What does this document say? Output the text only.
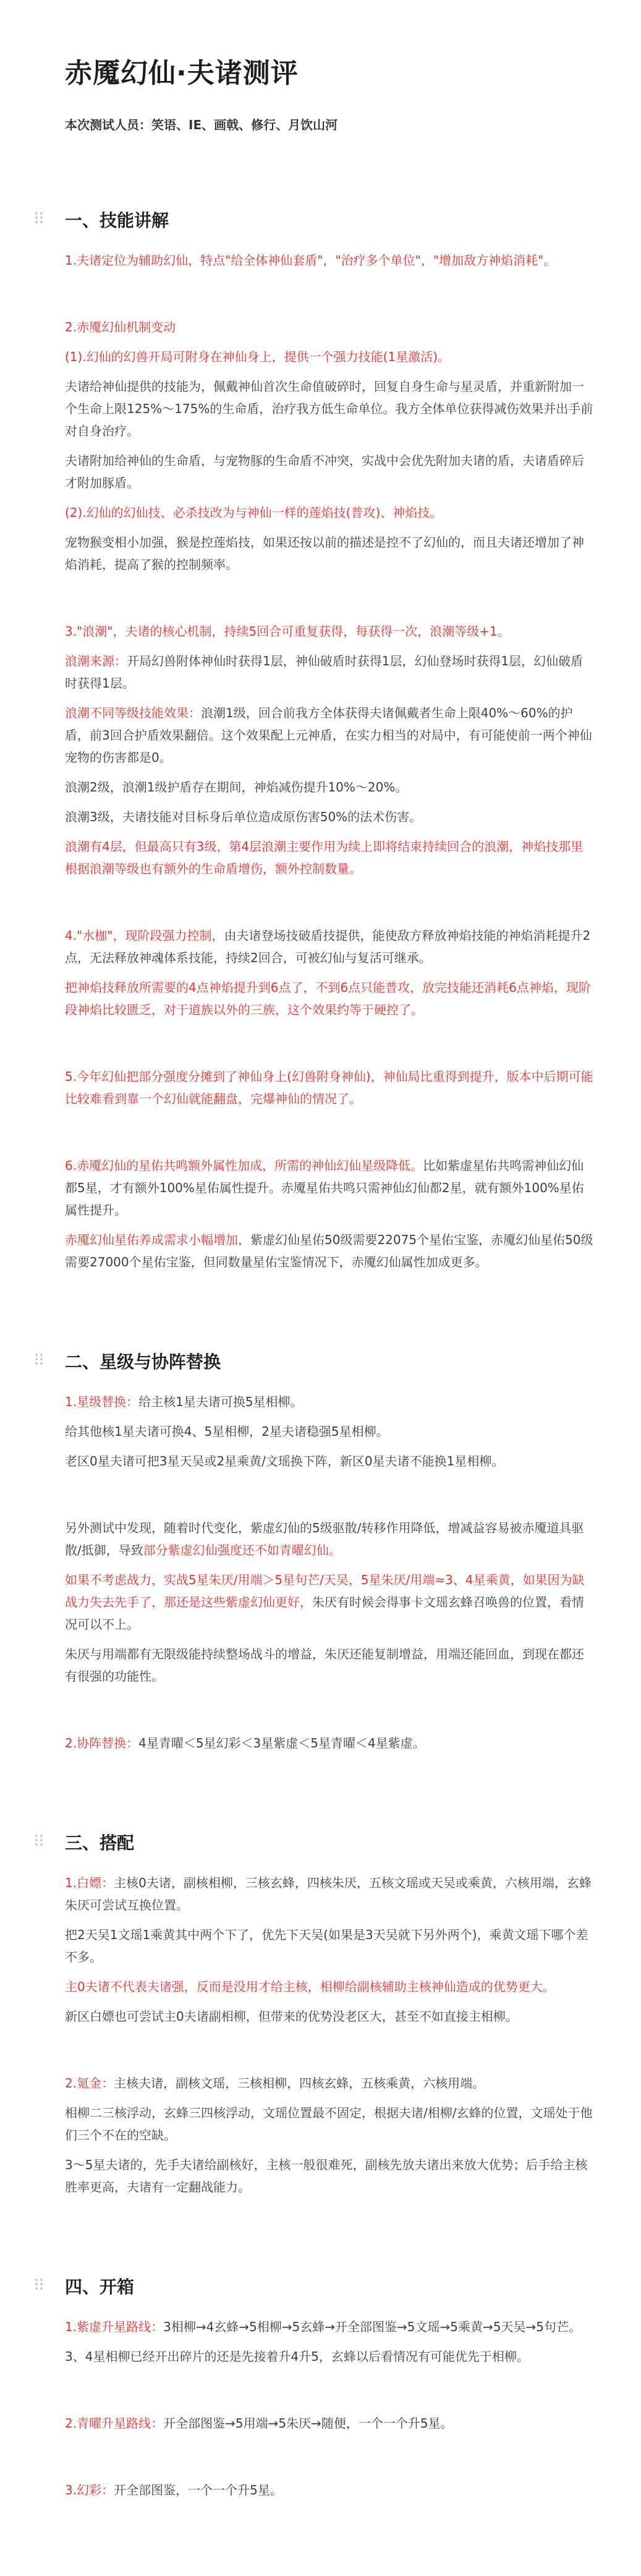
赤魇幻仙·夫诸测评
本次测试人员：笑语、IE、画戟、修行、月饮山河
一、技能讲解

1.夫诸定位为辅助幻仙，特点"给全体神仙套盾"，"治疗多个单位"，"增加敌方神焰消耗"。

2.赤魇幻仙机制变动

(1).幻仙的幻兽开局可附身在神仙身上，提供一个强力技能(1星激活)。

夫诸给神仙提供的技能为，佩戴神仙首次生命值破碎时，回复自身生命与星灵盾，并重新附加一个生命上限125%～175%的生命盾，治疗我方低生命单位。我方全体单位获得减伤效果并出手前对自身治疗。

夫诸附加给神仙的生命盾，与宠物豚的生命盾不冲突，实战中会优先附加夫诸的盾，夫诸盾碎后才附加豚盾。

(2).幻仙的幻仙技、必杀技改为与神仙一样的莲焰技(普攻)、神焰技。

宠物猴变相小加强，猴是控莲焰技，如果还按以前的描述是控不了幻仙的，而且夫诸还增加了神焰消耗，提高了猴的控制频率。

3."浪潮"，夫诸的核心机制，持续5回合可重复获得，每获得一次，浪潮等级+1。

浪潮来源：开局幻兽附体神仙时获得1层，神仙破盾时获得1层，幻仙登场时获得1层，幻仙破盾时获得1层。

浪潮不同等级技能效果：浪潮1级，回合前我方全体获得夫诸佩戴者生命上限40%～60%的护盾，前3回合护盾效果翻倍。这个效果配上元神盾，在实力相当的对局中，有可能使前一两个神仙宠物的伤害都是0。

浪潮2级，浪潮1级护盾存在期间，神焰减伤提升10%～20%。

浪潮3级，夫诸技能对目标身后单位造成原伤害50%的法术伤害。

浪潮有4层，但最高只有3级，第4层浪潮主要作用为续上即将结束持续回合的浪潮，神焰技那里根据浪潮等级也有额外的生命盾增伤，额外控制数量。

4."水枷"，现阶段强力控制，由夫诸登场技破盾技提供，能使敌方释放神焰技能的神焰消耗提升2点，无法释放神魂体系技能，持续2回合，可被幻仙与复活可继承。

把神焰技释放所需要的4点神焰提升到6点了，不到6点只能普攻，放完技能还消耗6点神焰，现阶段神焰比较匮乏，对于道族以外的三族，这个效果约等于硬控了。

5.今年幻仙把部分强度分摊到了神仙身上(幻兽附身神仙)，神仙局比重得到提升，版本中后期可能比较难看到靠一个幻仙就能翻盘，完爆神仙的情况了。

6.赤魇幻仙的星佑共鸣额外属性加成，所需的神仙幻仙星级降低。比如紫虚星佑共鸣需神仙幻仙都5星，才有额外100%星佑属性提升。赤魇星佑共鸣只需神仙幻仙都2星，就有额外100%星佑属性提升。

赤魇幻仙星佑养成需求小幅增加，紫虚幻仙星佑50级需要22075个星佑宝鉴，赤魇幻仙星佑50级需要27000个星佑宝鉴，但同数量星佑宝鉴情况下，赤魇幻仙属性加成更多。

二、星级与协阵替换

1.星级替换：给主核1星夫诸可换5星相柳。

给其他核1星夫诸可换4、5星相柳，2星夫诸稳强5星相柳。

老区0星夫诸可把3星天吴或2星乘黄/文瑶换下阵，新区0星夫诸不能换1星相柳。

另外测试中发现，随着时代变化，紫虚幻仙的5级驱散/转移作用降低，增减益容易被赤魇道具驱散/抵御，导致部分紫虚幻仙强度还不如青曜幻仙。

如果不考虑战力，实战5星朱厌/用端＞5星句芒/天吴，5星朱厌/用端≈3、4星乘黄，如果因为缺战力失去先手了，那还是这些紫虚幻仙更好，朱厌有时候会得事卡文瑶玄蜂召唤兽的位置，看情况可以不上。

朱厌与用端都有无限级能持续整场战斗的增益，朱厌还能复制增益，用端还能回血，到现在都还有很强的功能性。

2.协阵替换：4星青曜＜5星幻彩＜3星紫虚＜5星青曜＜4星紫虚。

三、搭配

1.白嫖：主核0夫诸，副核相柳，三核玄蜂，四核朱厌，五核文瑶或天吴或乘黄，六核用端，玄蜂朱厌可尝试互换位置。

把2天吴1文瑶1乘黄其中两个下了，优先下天吴(如果是3天吴就下另外两个)，乘黄文瑶下哪个差不多。

主0夫诸不代表夫诸强，反而是没用才给主核，相柳给副核辅助主核神仙造成的优势更大。

新区白嫖也可尝试主0夫诸副相柳，但带来的优势没老区大，甚至不如直接主相柳。

2.氪金：主核夫诸，副核文瑶，三核相柳，四核玄蜂，五核乘黄，六核用端。

相柳二三核浮动，玄蜂三四核浮动，文瑶位置最不固定，根据夫诸/相柳/玄蜂的位置，文瑶处于他们三个不在的空缺。

3～5星夫诸的，先手夫诸给副核好，主核一般很难死，副核先放夫诸出来放大优势；后手给主核胜率更高，夫诸有一定翻战能力。

四、开箱

1.紫虚升星路线：3相柳→4玄蜂→5相柳→5玄蜂→开全部图鉴→5文瑶→5乘黄→5天吴→5句芒。

3、4星相柳已经开出碎片的还是先接着升4升5，玄蜂以后看情况有可能优先于相柳。

2.青曜升星路线：开全部图鉴→5用端→5朱厌→随便，一个一个升5星。

3.幻彩：开全部图鉴，一个一个升5星。
